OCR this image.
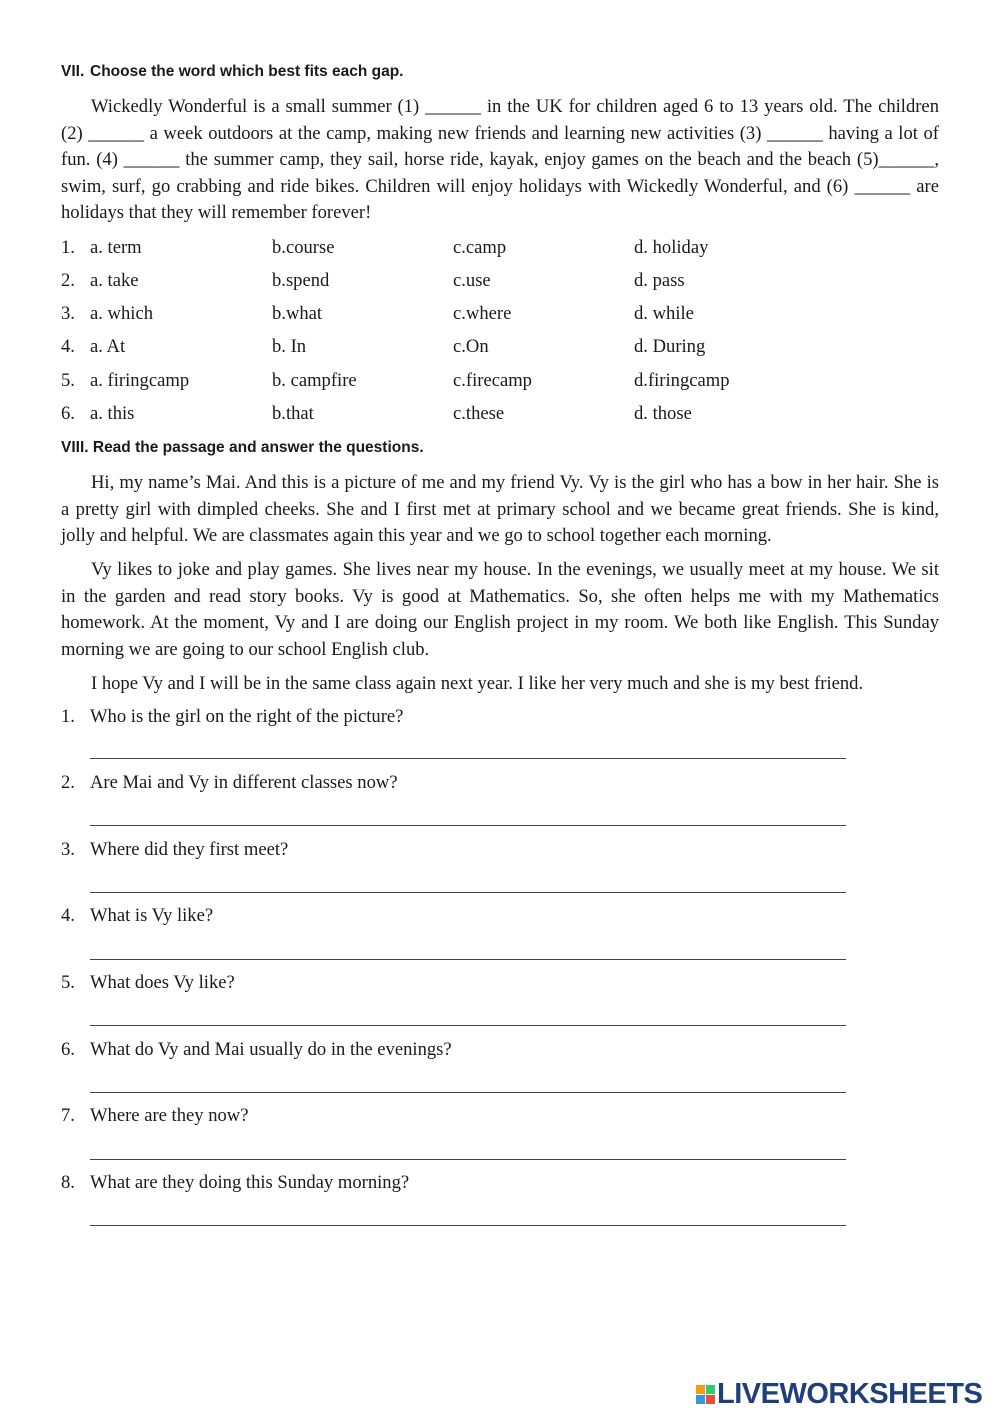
VII. Choose the word which best fits each gap.

Wickedly Wonderful is a small summer (1) ______ in the UK for children aged 6 to 13 years old. The children (2) ______ a week outdoors at the camp, making new friends and learning new activities (3) ______ having a lot of fun. (4) ______ the summer camp, they sail, horse ride, kayak, enjoy games on the beach and the beach (5)______, swim, surf, go crabbing and ride bikes. Children will enjoy holidays with Wickedly Wonderful, and (6) ______ are holidays that they will remember forever!

1. a. term	b.course	c.camp	d. holiday
2. a. take	b.spend	c.use	d. pass
3. a. which	b.what	c.where	d. while
4. a. At	b. In	c.On	d. During
5. a. firingcamp	b. campfire	c.firecamp	d.firingcamp
6. a. this	b.that	c.these	d. those
VIII. Read the passage and answer the questions.

Hi, my name’s Mai. And this is a picture of me and my friend Vy. Vy is the girl who has a bow in her hair. She is a pretty girl with dimpled cheeks. She and I first met at primary school and we became great friends. She is kind, jolly and helpful. We are classmates again this year and we go to school together each morning.

Vy likes to joke and play games. She lives near my house. In the evenings, we usually meet at my house. We sit in the garden and read story books. Vy is good at Mathematics. So, she often helps me with my Mathematics homework. At the moment, Vy and I are doing our English project in my room. We both like English. This Sunday morning we are going to our school English club.

I hope Vy and I will be in the same class again next year. I like her very much and she is my best friend.

1. Who is the girl on the right of the picture?
2. Are Mai and Vy in different classes now?
3. Where did they first meet?
4. What is Vy like?
5. What does Vy like?
6. What do Vy and Mai usually do in the evenings?
7. Where are they now?
8. What are they doing this Sunday morning?
LIVEWORKSHEETS
